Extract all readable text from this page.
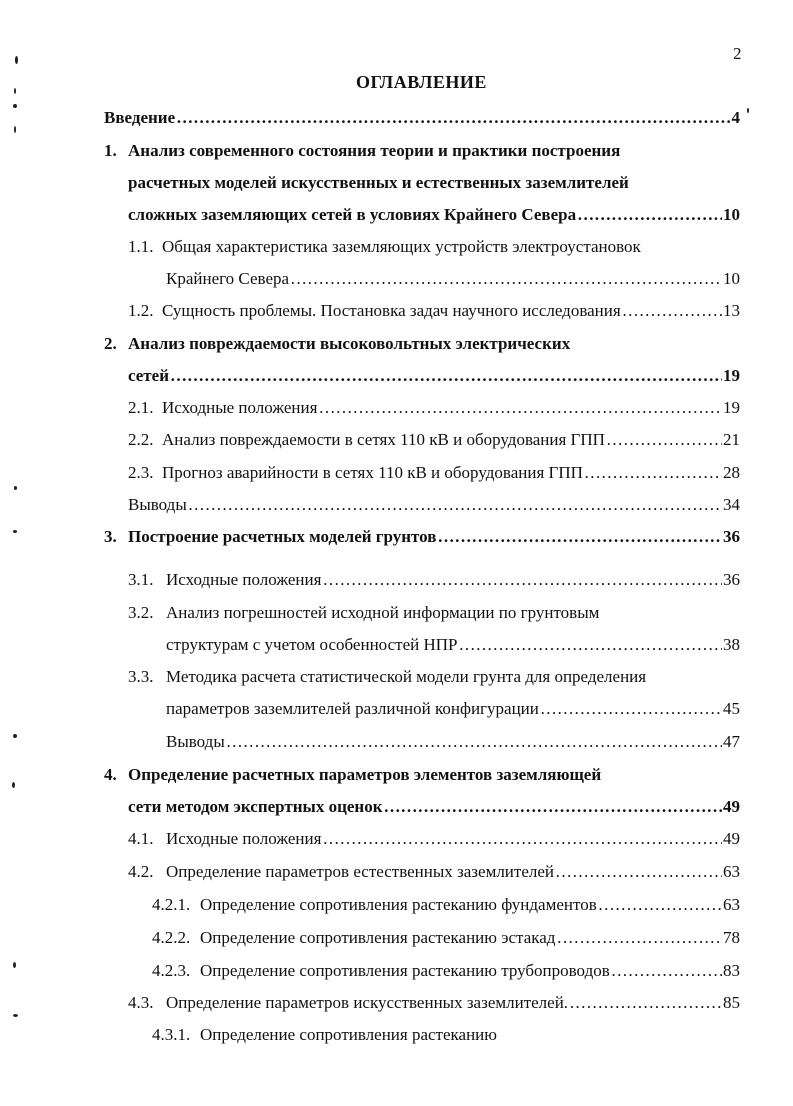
2
ОГЛАВЛЕНИЕ
Введение ……………………………………………………………………………………………………………………………………………	4
1. Анализ современного состояния теории и практики построения
расчетных моделей искусственных и естественных заземлителей
сложных заземляющих сетей в условиях Крайнего Севера ……………………………………………………………………………………………………………………………………………	10
1.1. Общая характеристика заземляющих устройств электроустановок
Крайнего Севера ……………………………………………………………………………………………………………………………………………	10
1.2. Сущность проблемы. Постановка задач научного исследования ……………………………………………………………………………………………………………………………………………	13
2. Анализ повреждаемости высоковольтных электрических
сетей ……………………………………………………………………………………………………………………………………………	19
2.1. Исходные положения ……………………………………………………………………………………………………………………………………………	19
2.2. Анализ повреждаемости в сетях 110 кВ и оборудования ГПП ……………………………………………………………………………………………………………………………………………	21
2.3. Прогноз аварийности в сетях 110 кВ и оборудования ГПП ……………………………………………………………………………………………………………………………………………	28
Выводы ……………………………………………………………………………………………………………………………………………	34
3. Построение расчетных моделей грунтов ……………………………………………………………………………………………………………………………………………	36
3.1. Исходные положения ……………………………………………………………………………………………………………………………………………	36
3.2. Анализ погрешностей исходной информации по грунтовым
структурам с учетом особенностей НПР ……………………………………………………………………………………………………………………………………………	38
3.3. Методика расчета статистической модели грунта для определения
параметров заземлителей различной конфигурации ……………………………………………………………………………………………………………………………………………	45
Выводы ……………………………………………………………………………………………………………………………………………	47
4. Определение расчетных параметров элементов заземляющей
сети методом экспертных оценок ……………………………………………………………………………………………………………………………………………	49
4.1. Исходные положения ……………………………………………………………………………………………………………………………………………	49
4.2. Определение параметров естественных заземлителей ……………………………………………………………………………………………………………………………………………	63
4.2.1. Определение сопротивления растеканию фундаментов ……………………………………………………………………………………………………………………………………………	63
4.2.2. Определение сопротивления растеканию эстакад ……………………………………………………………………………………………………………………………………………	78
4.2.3. Определение сопротивления растеканию трубопроводов ……………………………………………………………………………………………………………………………………………	83
4.3. Определение параметров искусственных заземлителей. ……………………………………………………………………………………………………………………………………………	85
4.3.1. Определение сопротивления растеканию
